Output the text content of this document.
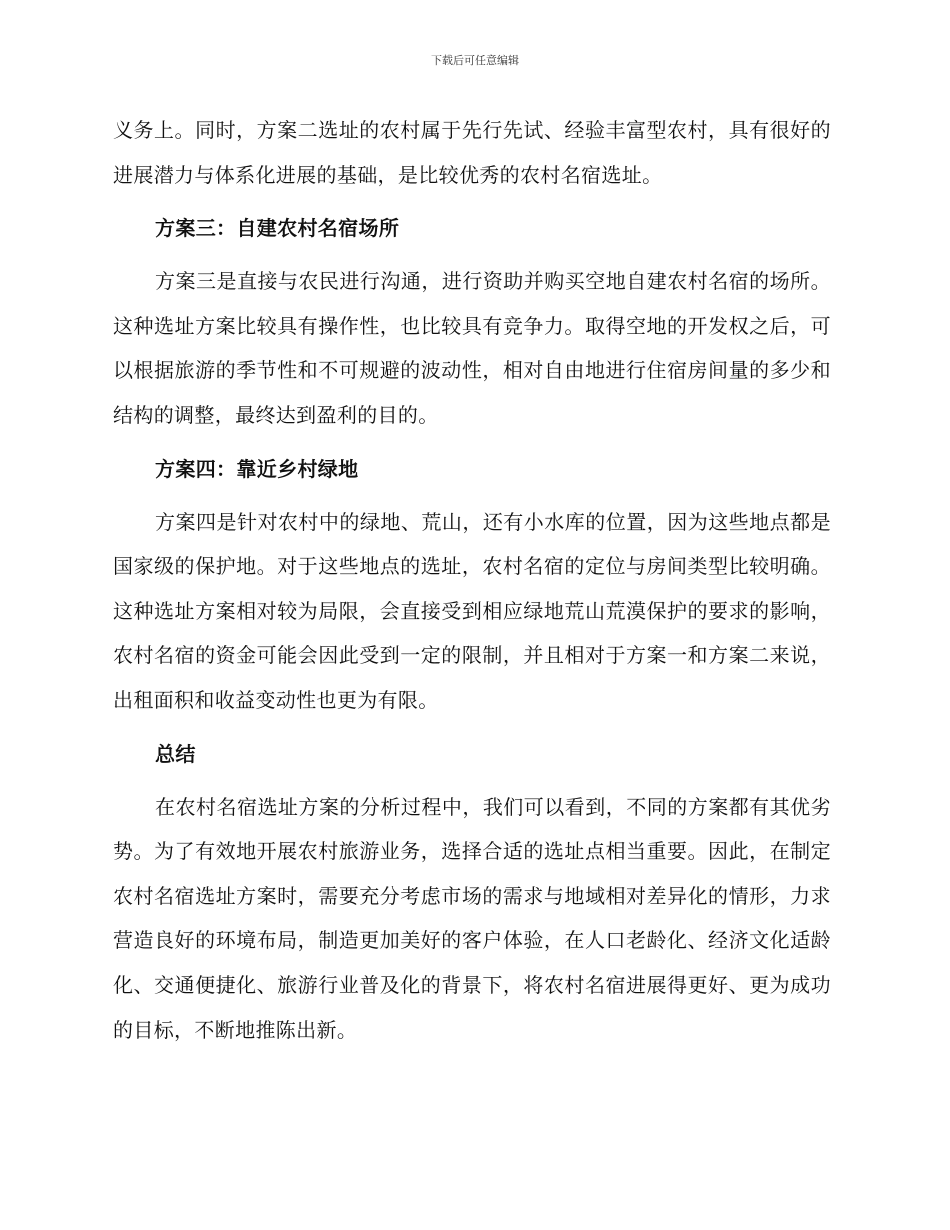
下载后可任意编辑

义务上。同时，方案二选址的农村属于先行先试、经验丰富型农村，具有很好的进展潜力与体系化进展的基础，是比较优秀的农村名宿选址。

方案三：自建农村名宿场所

方案三是直接与农民进行沟通，进行资助并购买空地自建农村名宿的场所。这种选址方案比较具有操作性，也比较具有竞争力。取得空地的开发权之后，可以根据旅游的季节性和不可规避的波动性，相对自由地进行住宿房间量的多少和结构的调整，最终达到盈利的目的。

方案四：靠近乡村绿地

方案四是针对农村中的绿地、荒山，还有小水库的位置，因为这些地点都是国家级的保护地。对于这些地点的选址，农村名宿的定位与房间类型比较明确。这种选址方案相对较为局限，会直接受到相应绿地荒山荒漠保护的要求的影响，农村名宿的资金可能会因此受到一定的限制，并且相对于方案一和方案二来说，出租面积和收益变动性也更为有限。

总结

在农村名宿选址方案的分析过程中，我们可以看到，不同的方案都有其优劣势。为了有效地开展农村旅游业务，选择合适的选址点相当重要。因此，在制定农村名宿选址方案时，需要充分考虑市场的需求与地域相对差异化的情形，力求营造良好的环境布局，制造更加美好的客户体验，在人口老龄化、经济文化适龄化、交通便捷化、旅游行业普及化的背景下，将农村名宿进展得更好、更为成功的目标，不断地推陈出新。
